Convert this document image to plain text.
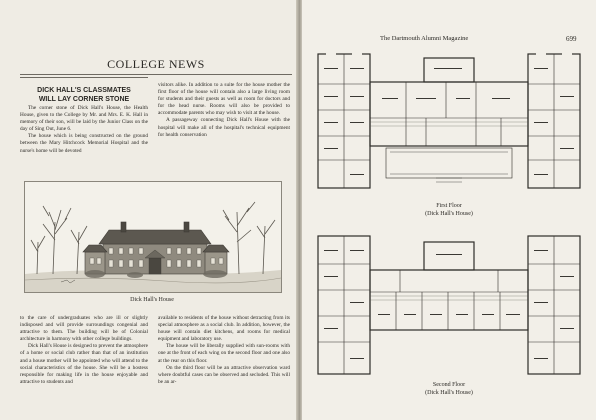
COLLEGE NEWS
DICK HALL'S CLASSMATES
WILL LAY CORNER STONE

The corner stone of Dick Hall's House, the Health House, given to the College by Mr. and Mrs. E. K. Hall in memory of their son, will be laid by the Junior Class on the day of Sing Out, June 6.

The house which is being constructed on the ground between the Mary Hitchcock Memorial Hospital and the nurse's home will be devoted

visitors alike. In addition to a suite for the house mother the first floor of the house will contain also a large living room for students and their guests as well as room for doctors and for the head nurse. Rooms will also be provided to accommodate parents who may wish to visit at the house.

A passageway connecting Dick Hall's House with the hospital will make all of the hospital's technical equipment for health conservation

Dick Hall's House

to the care of undergraduates who are ill or slightly indisposed and will provide surroundings congenial and attractive to them. The building will be of Colonial architecture in harmony with other college buildings.

Dick Hall's House is designed to prevent the atmosphere of a home or social club rather than that of an institution and a house mother will be appointed who will attend to the social characteristics of the house. She will be a hostess responsible for making life in the house enjoyable and attractive to students and

available to residents of the house without detracting from its special atmosphere as a social club. In addition, however, the house will contain diet kitchens, and rooms for medical equipment and laboratory use.

The house will be liberally supplied with sun-rooms with one at the front of each wing on the second floor and one also at the rear on this floor.

On the third floor will be an attractive observation ward where doubtful cases can be observed and secluded. This will be an ar-

The Dartmouth Alumni Magazine	699
First Floor
(Dick Hall's House)
Second Floor
(Dick Hall's House)
